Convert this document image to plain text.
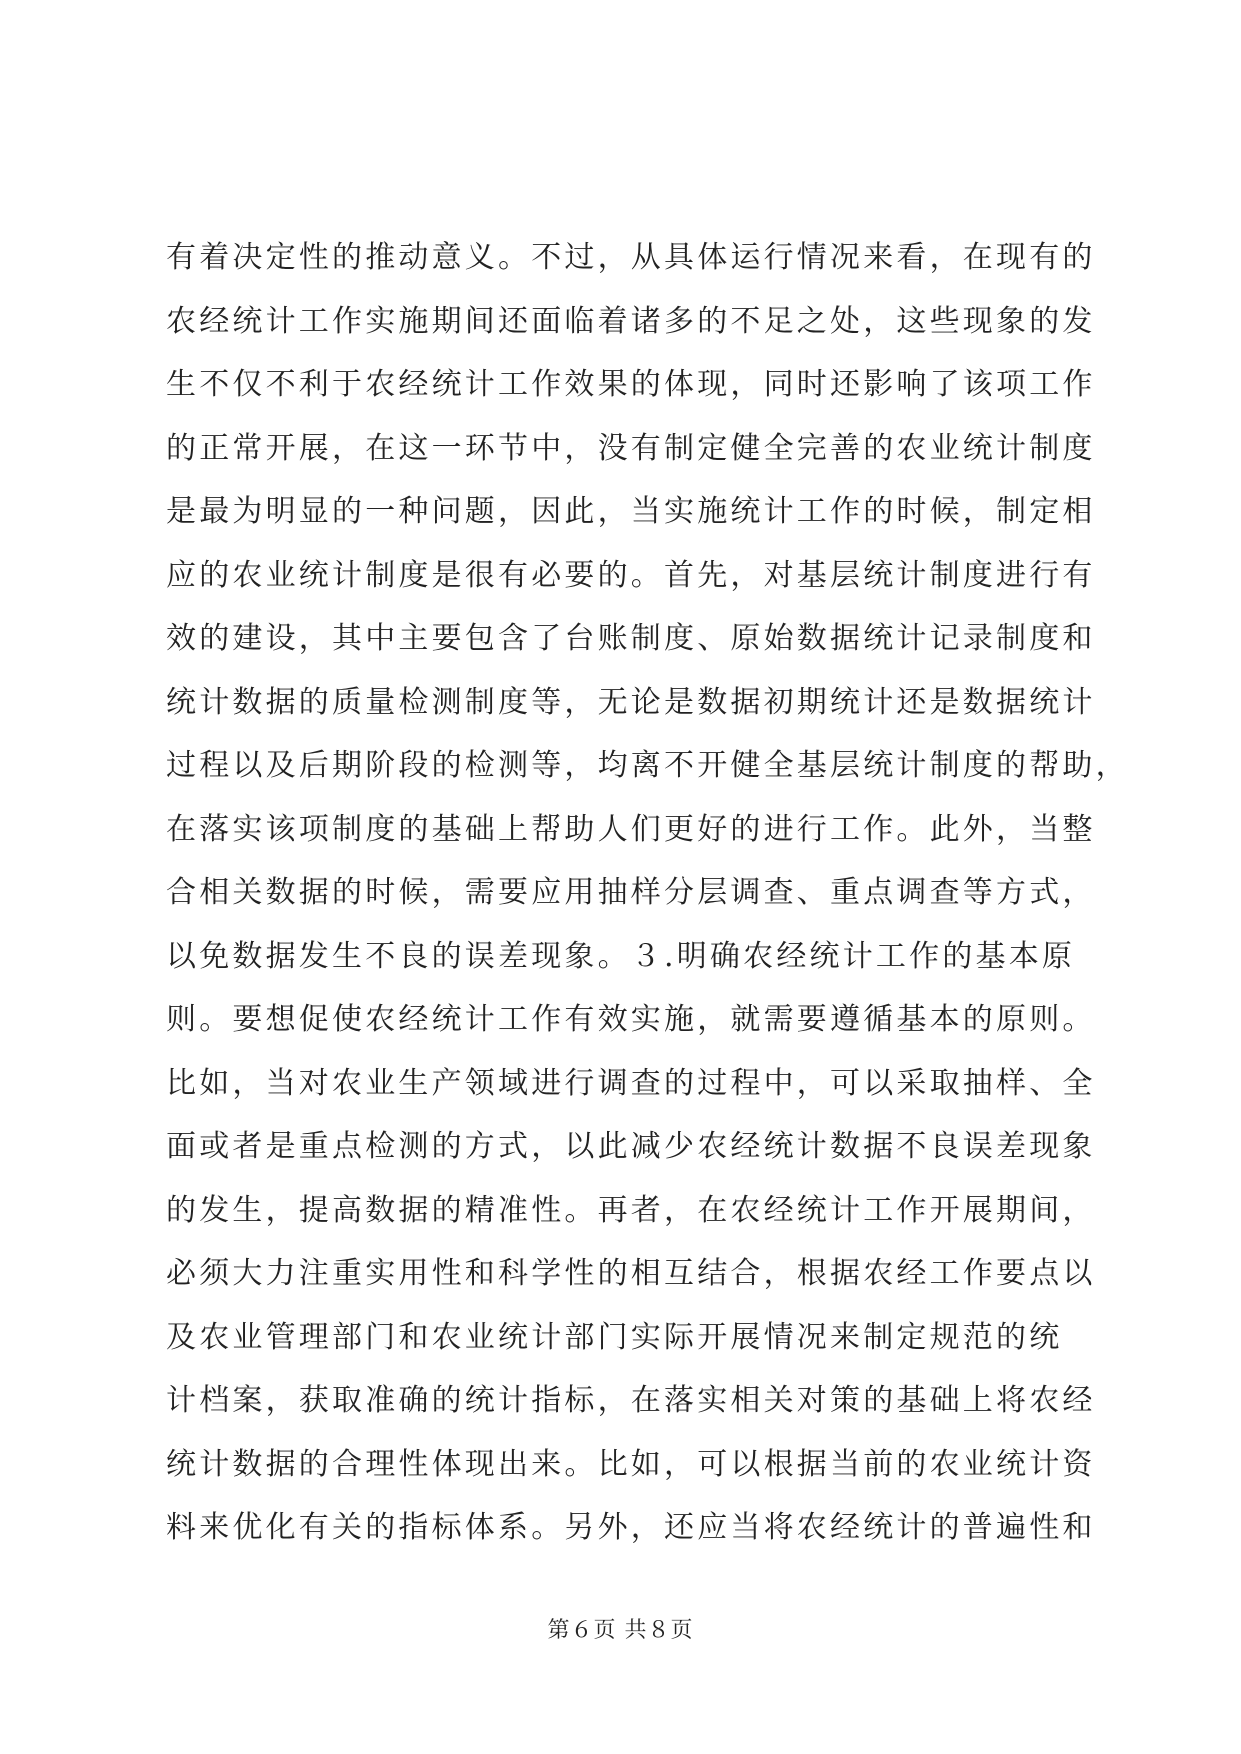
有着决定性的推动意义。不过，从具体运行情况来看，在现有的
农经统计工作实施期间还面临着诸多的不足之处，这些现象的发
生不仅不利于农经统计工作效果的体现，同时还影响了该项工作
的正常开展，在这一环节中，没有制定健全完善的农业统计制度
是最为明显的一种问题，因此，当实施统计工作的时候，制定相
应的农业统计制度是很有必要的。首先，对基层统计制度进行有
效的建设，其中主要包含了台账制度、原始数据统计记录制度和
统计数据的质量检测制度等，无论是数据初期统计还是数据统计
过程以及后期阶段的检测等，均离不开健全基层统计制度的帮助，
在落实该项制度的基础上帮助人们更好的进行工作。此外，当整
合相关数据的时候，需要应用抽样分层调查、重点调查等方式，
以免数据发生不良的误差现象。３.明确农经统计工作的基本原
则。要想促使农经统计工作有效实施，就需要遵循基本的原则。
比如，当对农业生产领域进行调查的过程中，可以采取抽样、全
面或者是重点检测的方式，以此减少农经统计数据不良误差现象
的发生，提高数据的精准性。再者，在农经统计工作开展期间，
必须大力注重实用性和科学性的相互结合，根据农经工作要点以
及农业管理部门和农业统计部门实际开展情况来制定规范的统
计档案，获取准确的统计指标，在落实相关对策的基础上将农经
统计数据的合理性体现出来。比如，可以根据当前的农业统计资
料来优化有关的指标体系。另外，还应当将农经统计的普遍性和
第６页 共８页
